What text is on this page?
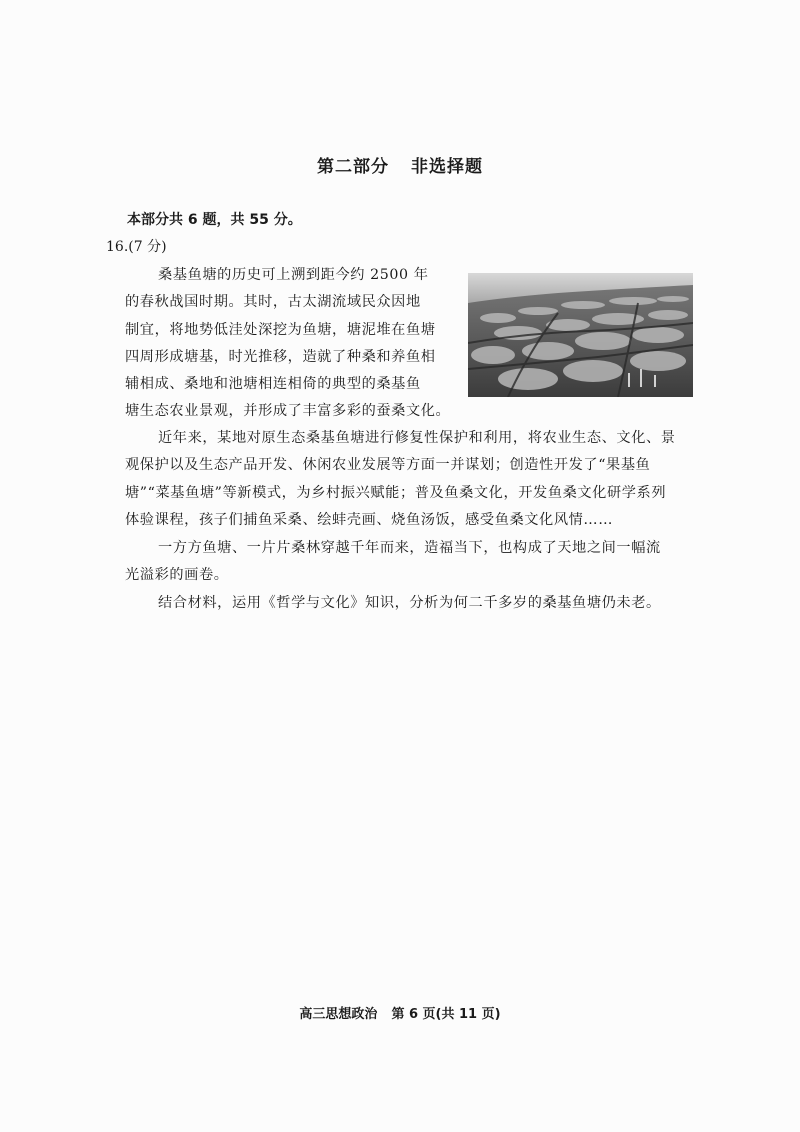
第二部分 非选择题
本部分共 6 题，共 55 分。
16.(7 分)
桑基鱼塘的历史可上溯到距今约 2500 年
的春秋战国时期。其时，古太湖流域民众因地
制宜，将地势低洼处深挖为鱼塘，塘泥堆在鱼塘
四周形成塘基，时光推移，造就了种桑和养鱼相
辅相成、桑地和池塘相连相倚的典型的桑基鱼
塘生态农业景观，并形成了丰富多彩的蚕桑文化。
近年来，某地对原生态桑基鱼塘进行修复性保护和利用，将农业生态、文化、景
观保护以及生态产品开发、休闲农业发展等方面一并谋划；创造性开发了“果基鱼
塘”“菜基鱼塘”等新模式，为乡村振兴赋能；普及鱼桑文化，开发鱼桑文化研学系列
体验课程，孩子们捕鱼采桑、绘蚌壳画、烧鱼汤饭，感受鱼桑文化风情……
一方方鱼塘、一片片桑林穿越千年而来，造福当下，也构成了天地之间一幅流
光溢彩的画卷。
结合材料，运用《哲学与文化》知识，分析为何二千多岁的桑基鱼塘仍未老。
高三思想政治 第 6 页(共 11 页)
